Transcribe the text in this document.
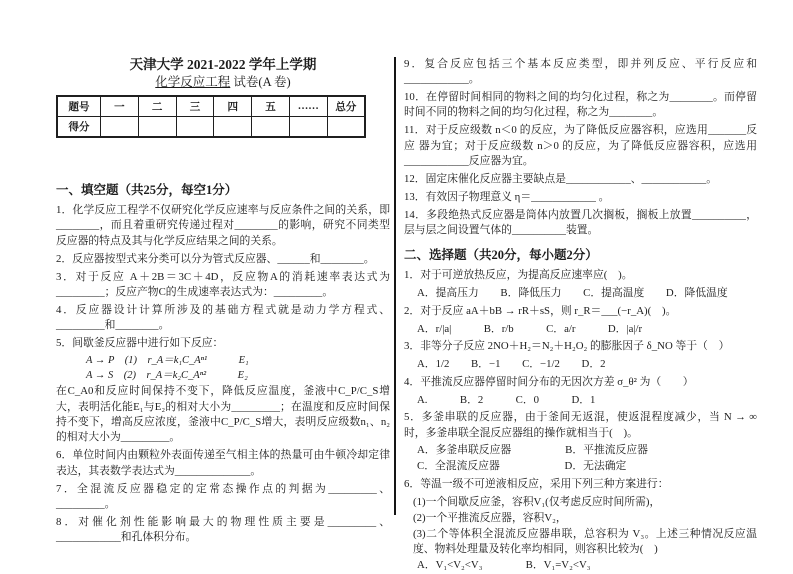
天津大学 2021-2022 学年上学期
化学反应工程 试卷(A 卷)
题号	一	二	三	四	五	……	总分
得分							
一、填空题（共25分，每空1分）

1．化学反应工程学不仅研究化学反应速率与反应条件之间的关系，即________，而且着重研究传递过程对________的影响，研究不同类型反应器的特点及其与化学反应结果之间的关系。

2．反应器按型式来分类可以分为管式反应器、______和________。

3．对于反应 A＋2B＝3C＋4D，反应物A的消耗速率表达式为_________；反应产物C的生成速率表达式为：_________。

4．反应器设计计算所涉及的基础方程式就是动力学方程式、_________和________。

5．间歇釜反应器中进行如下反应：

A → P　(1)　r_A＝k₁C_Aⁿ¹　　　E₁

A → S　(2)　r_A＝k₂C_Aⁿ²　　　E₂

在C_A0和反应时间保持不变下，降低反应温度，釜液中C_P/C_S增大，表明活化能E₁与E₂的相对大小为_________；在温度和反应时间保持不变下，增高反应浓度，釜液中C_P/C_S增大，表明反应级数n₁、n₂的相对大小为_________。

6．单位时间内由颗粒外表面传递至气相主体的热量可由牛顿冷却定律表达，其表数学表达式为______________。

7．全混流反应器稳定的定常态操作点的判据为_________、_________。

8．对催化剂性能影响最大的物理性质主要是_________、____________和孔体积分布。

9．复合反应包括三个基本反应类型，即并列反应、平行反应和____________。

10．在停留时间相同的物料之间的均匀化过程，称之为________。而停留时间不同的物料之间的均匀化过程，称之为________。

11．对于反应级数 n＜0 的反应，为了降低反应器容积，应选用_______反应 器为宜；对于反应级数 n＞0 的反应，为了降低反应器容积，应选用____________反应器为宜。

12．固定床催化反应器主要缺点是____________、____________。

13．有效因子物理意义 η＝____________ 。

14．多段绝热式反应器是筒体内放置几次搁板，搁板上放置__________，层与层之间设置气体的__________装置。

二、选择题（共20分，每小题2分）

1．对于可逆放热反应，为提高反应速率应(　)。

A．提高压力　　B．降低压力　　C．提高温度　　D．降低温度

2．对于反应 aA＋bB → rR＋sS，则 r_R＝___(−r_A)(　)。

A．r/|a|　　　B．r/b　　　C．a/r　　　D．|a|/r

3．非等分子反应 2NO＋H₂＝N₂＋H₂O₂ 的膨胀因子 δ_NO 等于（　）

A．1/2　　B．−1　　C．−1/2　　D．2

4．平推流反应器停留时间分布的无因次方差 σ_θ² 为（　　）

A.　　　B．2　　　C．0　　　D．1

5．多釜串联的反应器，由于釜间无返混，使返混程度减少，当 N → ∞ 时，多釜串联全混反应器组的操作就相当于(　)。

A．多釜串联反应器　　　　　B．平推流反应器

C．全混流反应器　　　　　　D．无法确定

6．等温一级不可逆液相反应，采用下列三种方案进行：

(1)一个间歇反应釜，容积V₁(仅考虑反应时间所需)，

(2)一个平推流反应器，容积V₂，

(3)二个等体积全混流反应器串联，总容积为 V₃。上述三种情况反应温度、物料处理量及转化率均相同，则容积比较为(　)

A．V₁<V₂<V₃　　　　B．V₁=V₂<V₃
